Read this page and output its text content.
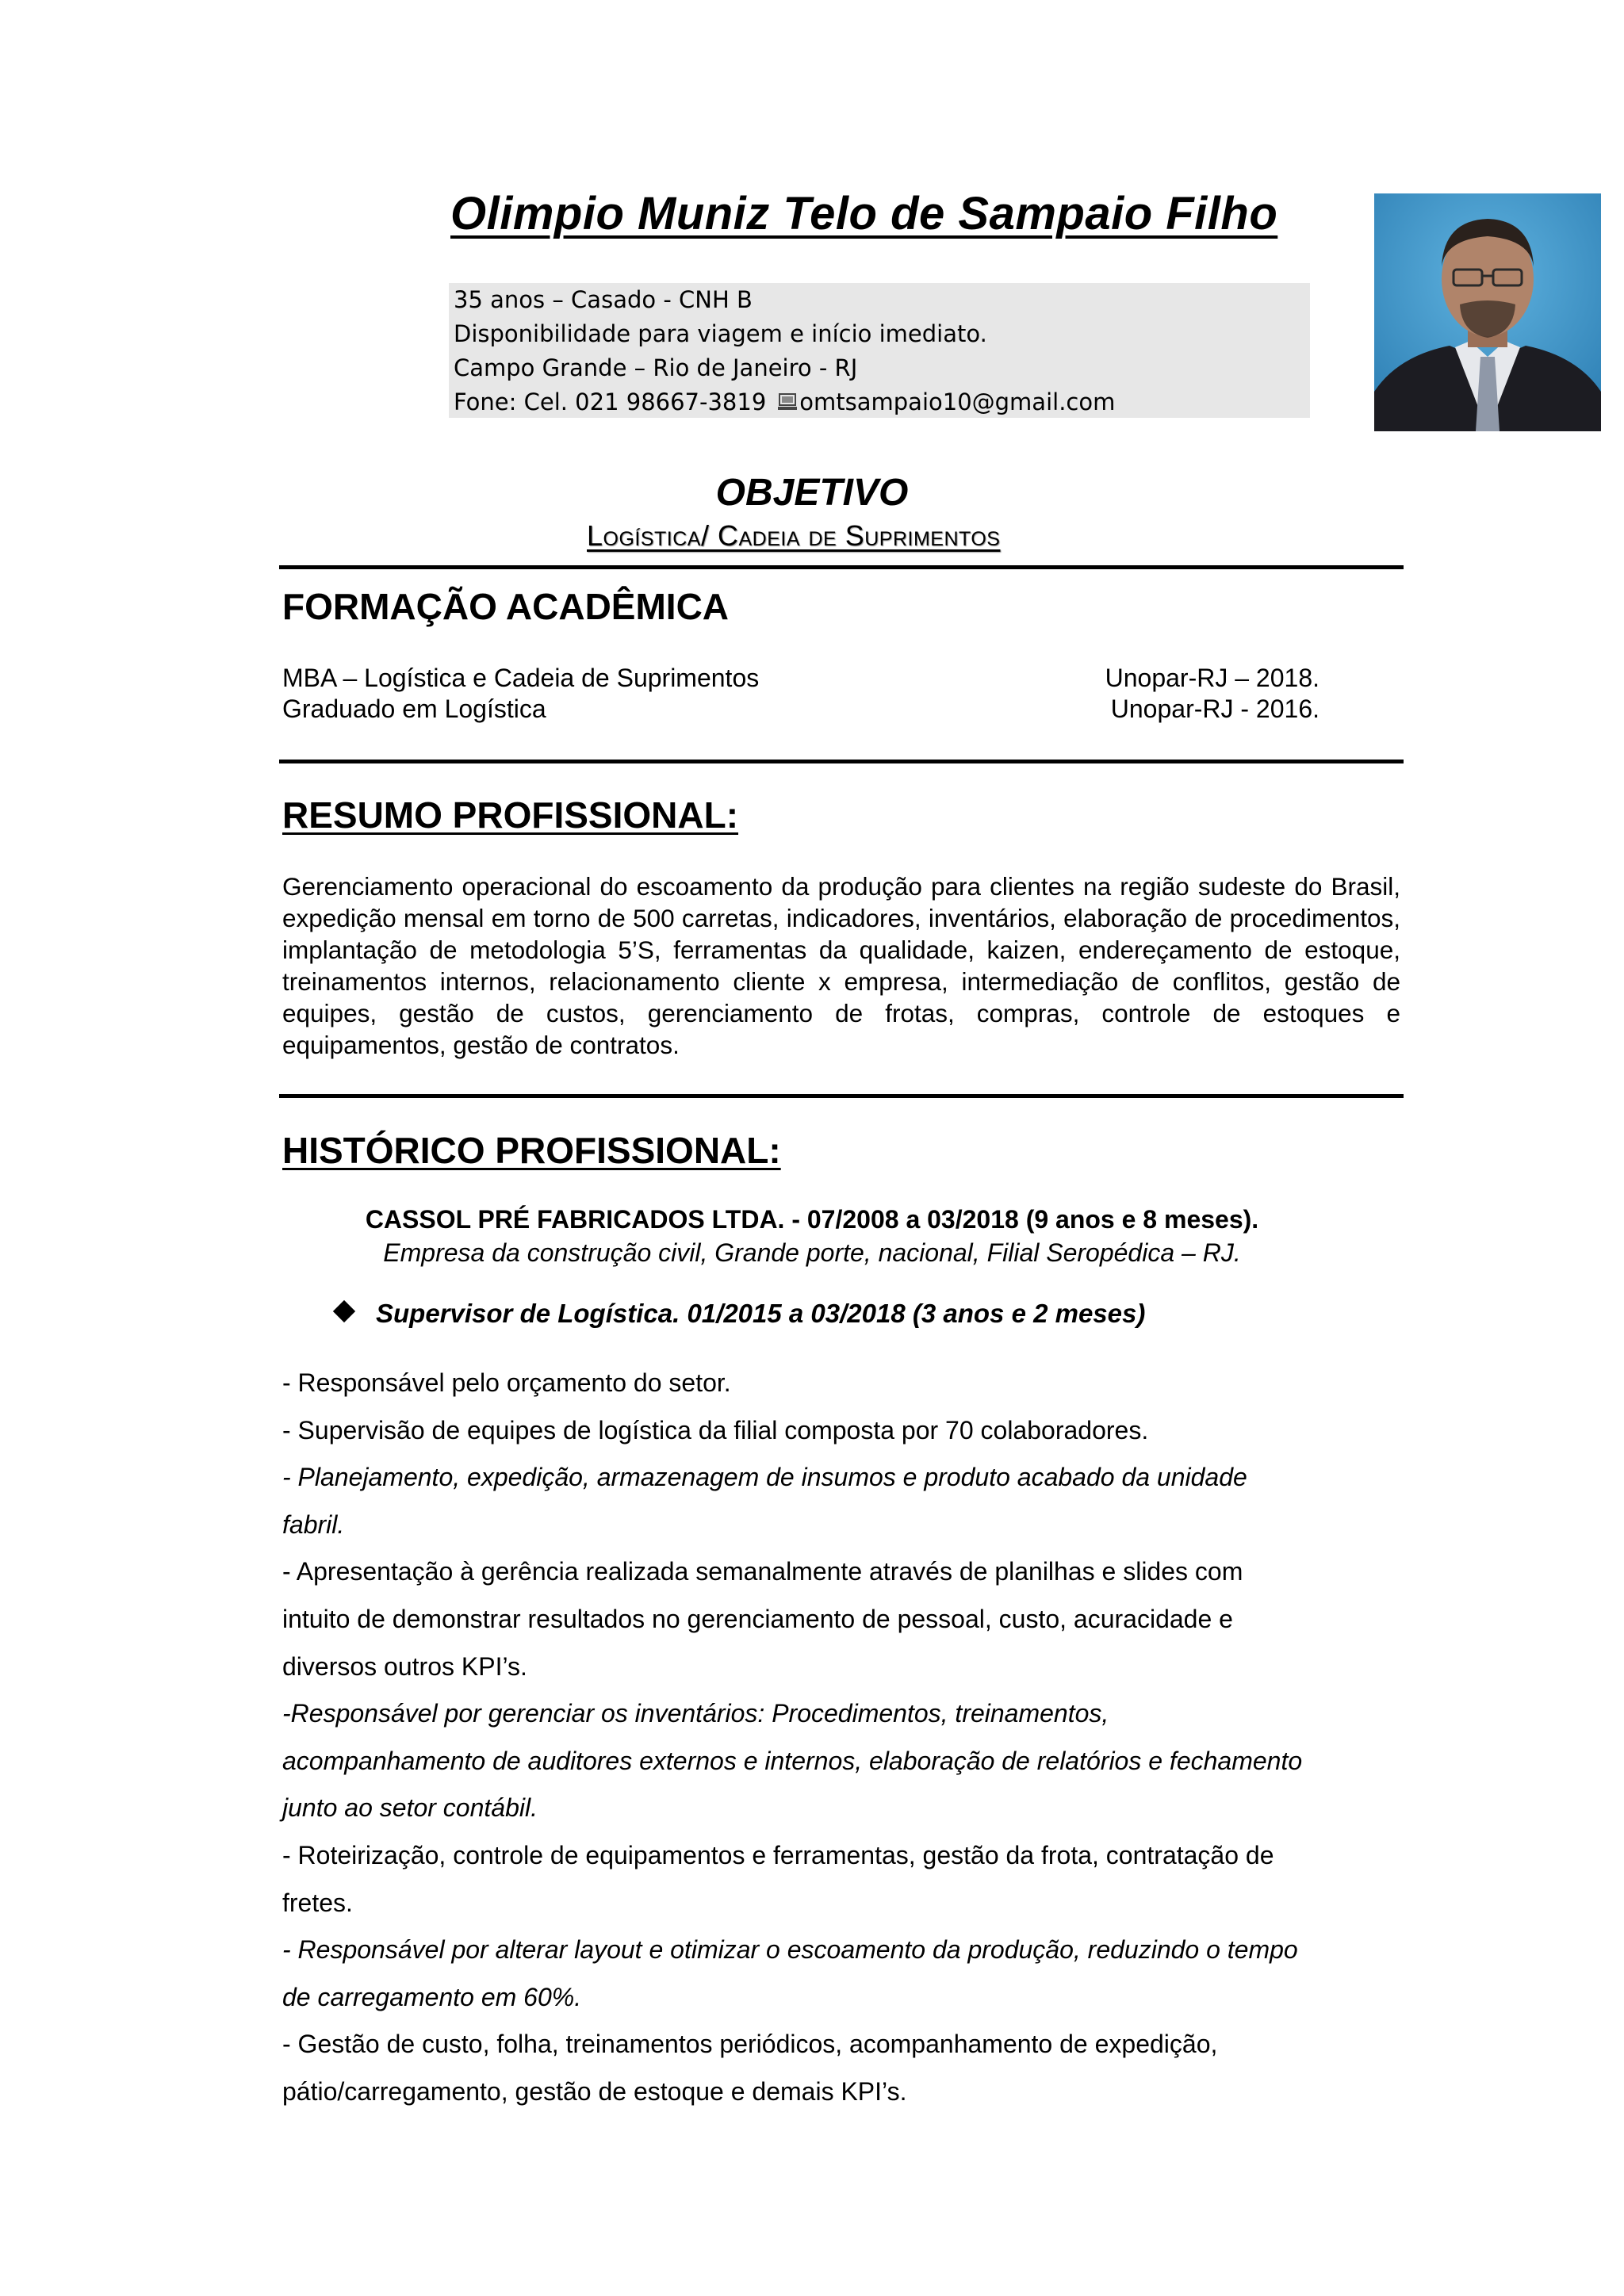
Olimpio Muniz Telo de Sampaio Filho
35 anos – Casado - CNH B
Disponibilidade para viagem e início imediato.
Campo Grande – Rio de Janeiro - RJ
Fone: Cel. 021 98667-3819 omtsampaio10@gmail.com
OBJETIVO
Logística/ Cadeia de Suprimentos
FORMAÇÃO ACADÊMICA
MBA – Logística e Cadeia de Suprimentos	Unopar-RJ – 2018.
Graduado em Logística	Unopar-RJ - 2016.
RESUMO PROFISSIONAL:
Gerenciamento operacional do escoamento da produção para clientes na região sudeste do Brasil, expedição mensal em torno de 500 carretas, indicadores, inventários, elaboração de procedimentos, implantação de metodologia 5’S, ferramentas da qualidade, kaizen, endereçamento de estoque, treinamentos internos, relacionamento cliente x empresa, intermediação de conflitos, gestão de equipes, gestão de custos, gerenciamento de frotas, compras, controle de estoques e equipamentos, gestão de contratos.
HISTÓRICO PROFISSIONAL:
CASSOL PRÉ FABRICADOS LTDA. - 07/2008 a 03/2018 (9 anos e 8 meses).
Empresa da construção civil, Grande porte, nacional, Filial Seropédica – RJ.
Supervisor de Logística. 01/2015 a 03/2018 (3 anos e 2 meses)
- Responsável pelo orçamento do setor.
- Supervisão de equipes de logística da filial composta por 70 colaboradores.
- Planejamento, expedição, armazenagem de insumos e produto acabado da unidade
fabril.
- Apresentação à gerência realizada semanalmente através de planilhas e slides com
intuito de demonstrar resultados no gerenciamento de pessoal, custo, acuracidade e
diversos outros KPI’s.
-Responsável por gerenciar os inventários: Procedimentos, treinamentos,
acompanhamento de auditores externos e internos, elaboração de relatórios e fechamento
junto ao setor contábil.
- Roteirização, controle de equipamentos e ferramentas, gestão da frota, contratação de
fretes.
- Responsável por alterar layout e otimizar o escoamento da produção, reduzindo o tempo
de carregamento em 60%.
- Gestão de custo, folha, treinamentos periódicos, acompanhamento de expedição,
pátio/carregamento, gestão de estoque e demais KPI’s.
